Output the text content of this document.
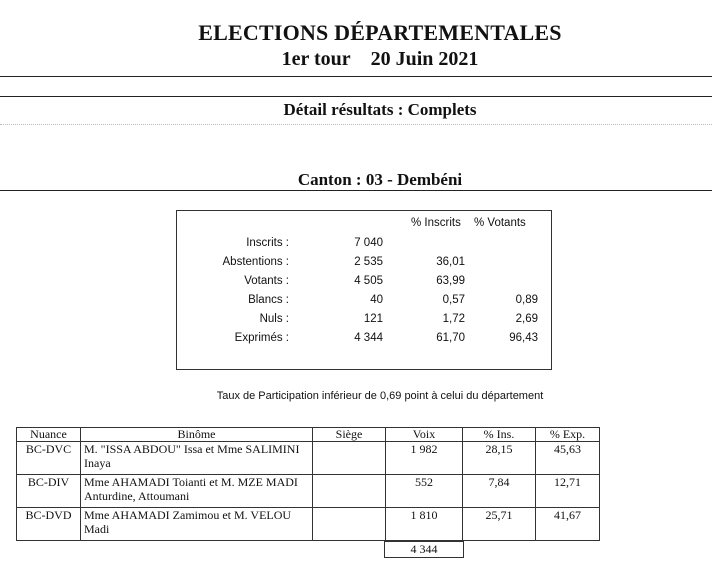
ELECTIONS DÉPARTEMENTALES
1er tour 20 Juin 2021
Détail résultats : Complets
Canton : 03 - Dembéni
% Inscrits % Votants
Inscrits :	7 040
Abstentions :	2 535	36,01
Votants :	4 505	63,99
Blancs :	40	0,57	0,89
Nuls :	121	1,72	2,69
Exprimés :	4 344	61,70	96,43
Taux de Participation inférieur de 0,69 point à celui du département
Nuance	Binôme	Siège	Voix	% Ins.	% Exp.
BC-DVC	M. "ISSA ABDOU" Issa et Mme SALIMINI Inaya		1 982	28,15	45,63
BC-DIV	Mme AHAMADI Toianti et M. MZE MADI Anturdine, Attoumani		552	7,84	12,71
BC-DVD	Mme AHAMADI Zamimou et M. VELOU Madi		1 810	25,71	41,67
4 344
